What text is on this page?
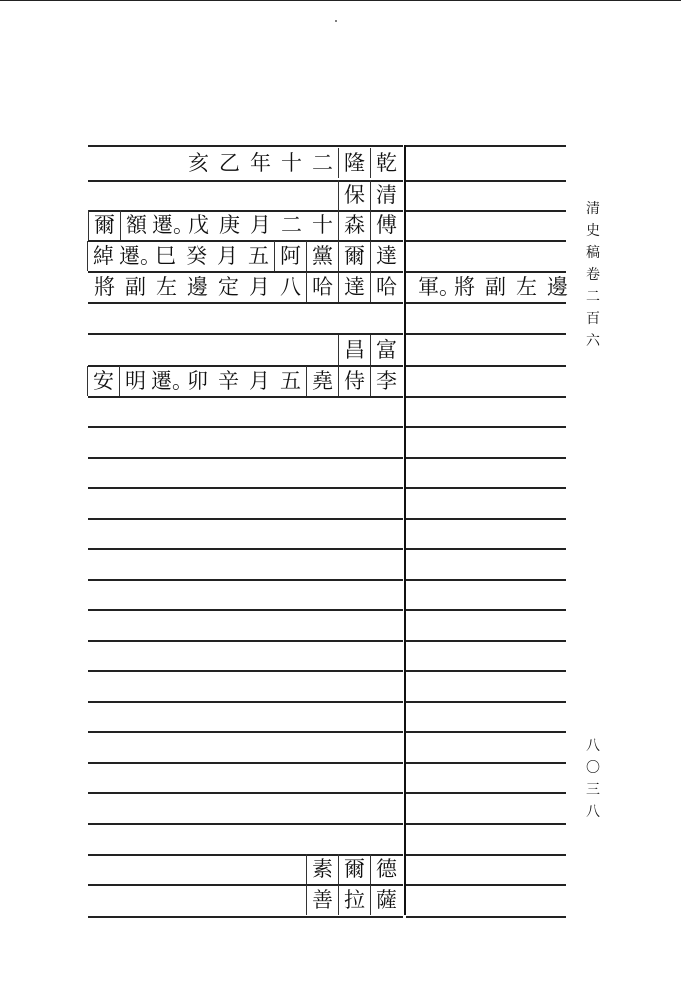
亥 乙 年 十 二 隆 乾
保 清
爾 額 遷。
戊 庚 月 二 十 森 傅
綽 遷。
巳 癸 月 五 阿 黨 爾 達
將 副 左 邊 定 月 八 哈 達 哈 軍。
將 副 左 邊
昌 富
安 明 遷。
卯 辛 月 五 堯 侍 李
素 爾 德
善 拉 薩
清
史
稿
卷
二
百
六
八
〇
三
八
